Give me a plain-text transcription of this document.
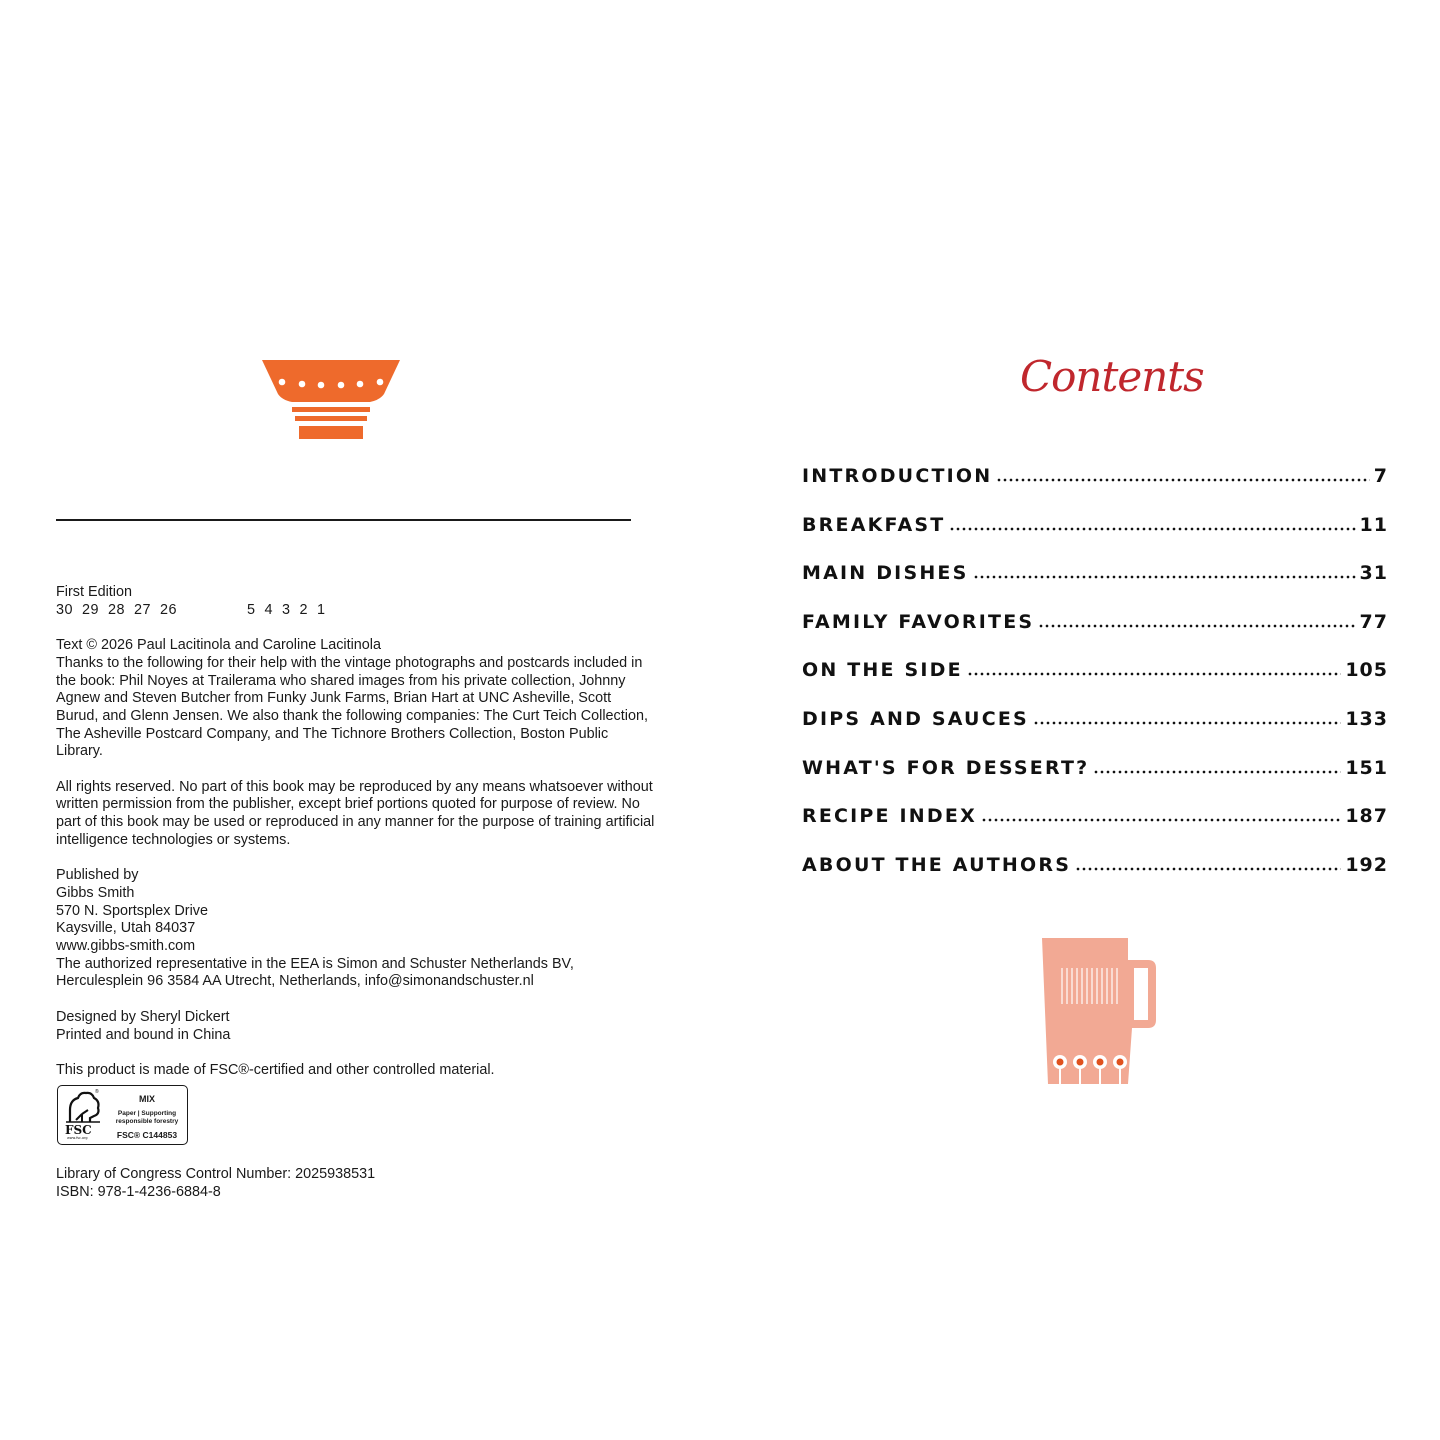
First Edition

30  29  28  27  26	5  4  3  2  1

Text © 2026 Paul Lacitinola and Caroline Lacitinola

Thanks to the following for their help with the vintage photographs and postcards included in the book: Phil Noyes at Trailerama who shared images from his private collection, Johnny Agnew and Steven Butcher from Funky Junk Farms, Brian Hart at UNC Asheville, Scott Burud, and Glenn Jensen. We also thank the following companies: The Curt Teich Collection, The Asheville Postcard Company, and The Tichnore Brothers Collection, Boston Public Library.

All rights reserved. No part of this book may be reproduced by any means whatsoever without written permission from the publisher, except brief portions quoted for purpose of review. No part of this book may be used or reproduced in any manner for the purpose of training artificial intelligence technologies or systems.

Published by

Gibbs Smith

570 N. Sportsplex Drive

Kaysville, Utah 84037

www.gibbs-smith.com

The authorized representative in the EEA is Simon and Schuster Netherlands BV, Herculesplein 96 3584 AA Utrecht, Netherlands, info@simonandschuster.nl

Designed by Sheryl Dickert

Printed and bound in China

This product is made of FSC®-certified and other controlled material.

FSC
www.fsc.org
®
MIX
Paper | Supporting
responsible forestry
FSC® C144853

Library of Congress Control Number: 2025938531

ISBN: 978-1-4236-6884-8

Contents
INTRODUCTION	7
BREAKFAST	11
MAIN DISHES	31
FAMILY FAVORITES	77
ON THE SIDE	105
DIPS AND SAUCES	133
WHAT'S FOR DESSERT?	151
RECIPE INDEX	187
ABOUT THE AUTHORS	192
